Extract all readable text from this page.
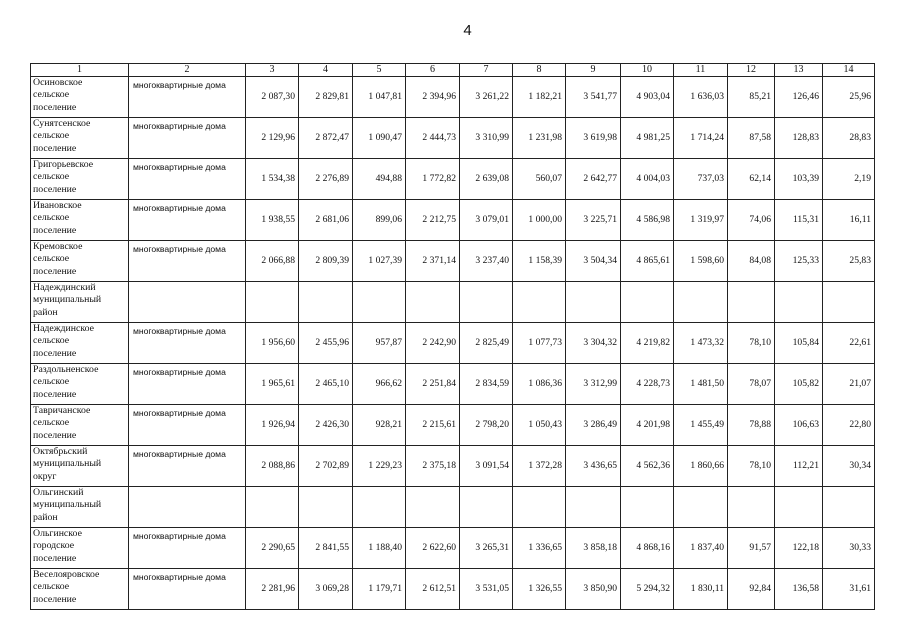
4
1	2	3	4	5	6	7	8	9	10	11	12	13	14

Осиновское
сельское
поселение	многоквартирные дома	2 087,30	2 829,81	1 047,81	2 394,96	3 261,22	1 182,21	3 541,77	4 903,04	1 636,03	85,21	126,46	25,96

Сунятсенское
сельское
поселение	многоквартирные дома	2 129,96	2 872,47	1 090,47	2 444,73	3 310,99	1 231,98	3 619,98	4 981,25	1 714,24	87,58	128,83	28,83

Григорьевское
сельское
поселение	многоквартирные дома	1 534,38	2 276,89	494,88	1 772,82	2 639,08	560,07	2 642,77	4 004,03	737,03	62,14	103,39	2,19

Ивановское
сельское
поселение	многоквартирные дома	1 938,55	2 681,06	899,06	2 212,75	3 079,01	1 000,00	3 225,71	4 586,98	1 319,97	74,06	115,31	16,11

Кремовское
сельское
поселение	многоквартирные дома	2 066,88	2 809,39	1 027,39	2 371,14	3 237,40	1 158,39	3 504,34	4 865,61	1 598,60	84,08	125,33	25,83

Надеждинский
муниципальный
район													

Надеждинское
сельское
поселение	многоквартирные дома	1 956,60	2 455,96	957,87	2 242,90	2 825,49	1 077,73	3 304,32	4 219,82	1 473,32	78,10	105,84	22,61

Раздольненское
сельское
поселение	многоквартирные дома	1 965,61	2 465,10	966,62	2 251,84	2 834,59	1 086,36	3 312,99	4 228,73	1 481,50	78,07	105,82	21,07

Тавричанское
сельское
поселение	многоквартирные дома	1 926,94	2 426,30	928,21	2 215,61	2 798,20	1 050,43	3 286,49	4 201,98	1 455,49	78,88	106,63	22,80

Октябрьский
муниципальный
округ	многоквартирные дома	2 088,86	2 702,89	1 229,23	2 375,18	3 091,54	1 372,28	3 436,65	4 562,36	1 860,66	78,10	112,21	30,34

Ольгинский
муниципальный
район													

Ольгинское
городское
поселение	многоквартирные дома	2 290,65	2 841,55	1 188,40	2 622,60	3 265,31	1 336,65	3 858,18	4 868,16	1 837,40	91,57	122,18	30,33

Веселояровское
сельское
поселение	многоквартирные дома	2 281,96	3 069,28	1 179,71	2 612,51	3 531,05	1 326,55	3 850,90	5 294,32	1 830,11	92,84	136,58	31,61
